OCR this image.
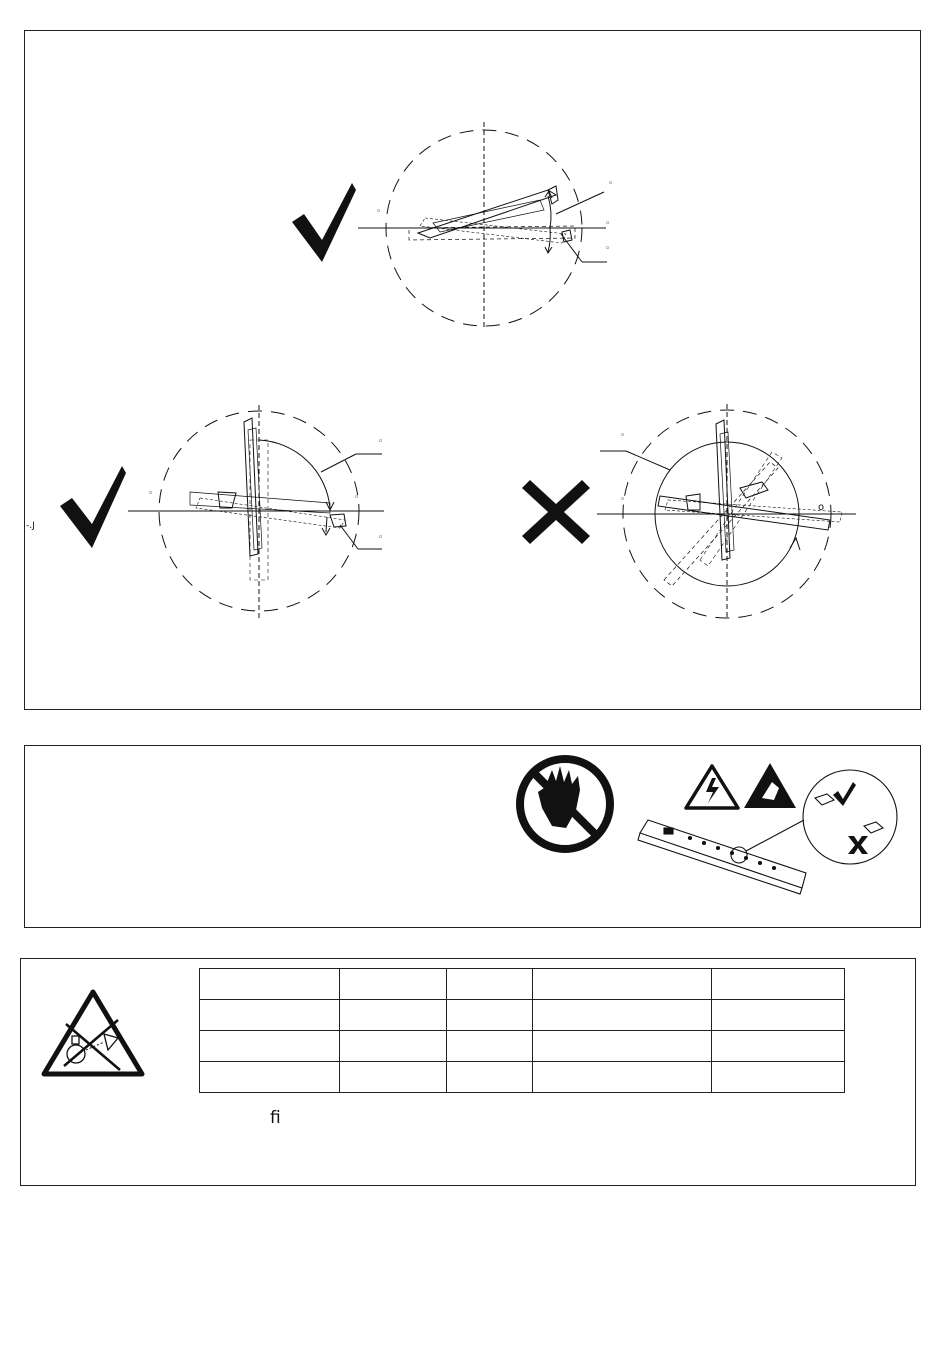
◦
◦
◦
◦
◦
◦
◦
◦
◦
◦
o
-.J

ﬁ
